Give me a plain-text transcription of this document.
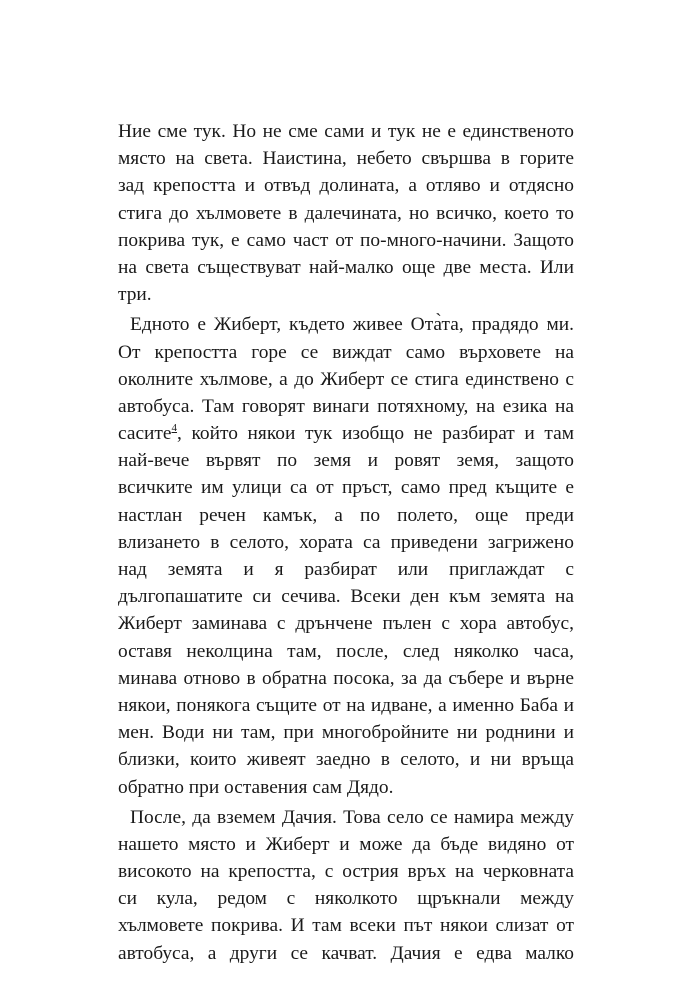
Ние сме тук. Но не сме сами и тук не е единственото
място на света. Наистина, небето свършва в горите
зад крепостта и отвъд долината, а отляво и отдясно
стига до хълмовете в далечината, но всичко, което то
покрива тук, е само част от по-много-начини. Защото
на света съществуват най-малко още две места. Или
три.
Едното е Жиберт, където живее Ота̀та, прадядо ми.
От крепостта горе се виждат само върховете на
околните хълмове, а до Жиберт се стига единствено с
автобуса. Там говорят винаги потяхному, на езика на
сасите$^4$, който някои тук изобщо не разбират и там
най-вече вървят по земя и ровят земя, защото
всичките им улици са от пръст, само пред къщите е
настлан речен камък, а по полето, още преди
влизането в селото, хората са приведени загрижено
над земята и я разбират или приглаждат с
дългопашатите си сечива. Всеки ден към земята на
Жиберт заминава с дрънчене пълен с хора автобус,
оставя неколцина там, после, след няколко часа,
минава отново в обратна посока, за да събере и върне
някои, понякога същите от на идване, а именно Баба и
мен. Води ни там, при многобройните ни роднини и
близки, които живеят заедно в селото, и ни връща
обратно при оставения сам Дядо.
После, да вземем Дачия. Това село се намира между
нашето място и Жиберт и може да бъде видяно от
високото на крепостта, с острия връх на черковната
си кула, редом с няколкото щръкнали между
хълмовете покрива. И там всеки път някои слизат от
автобуса, а други се качват. Дачия е едва малко
